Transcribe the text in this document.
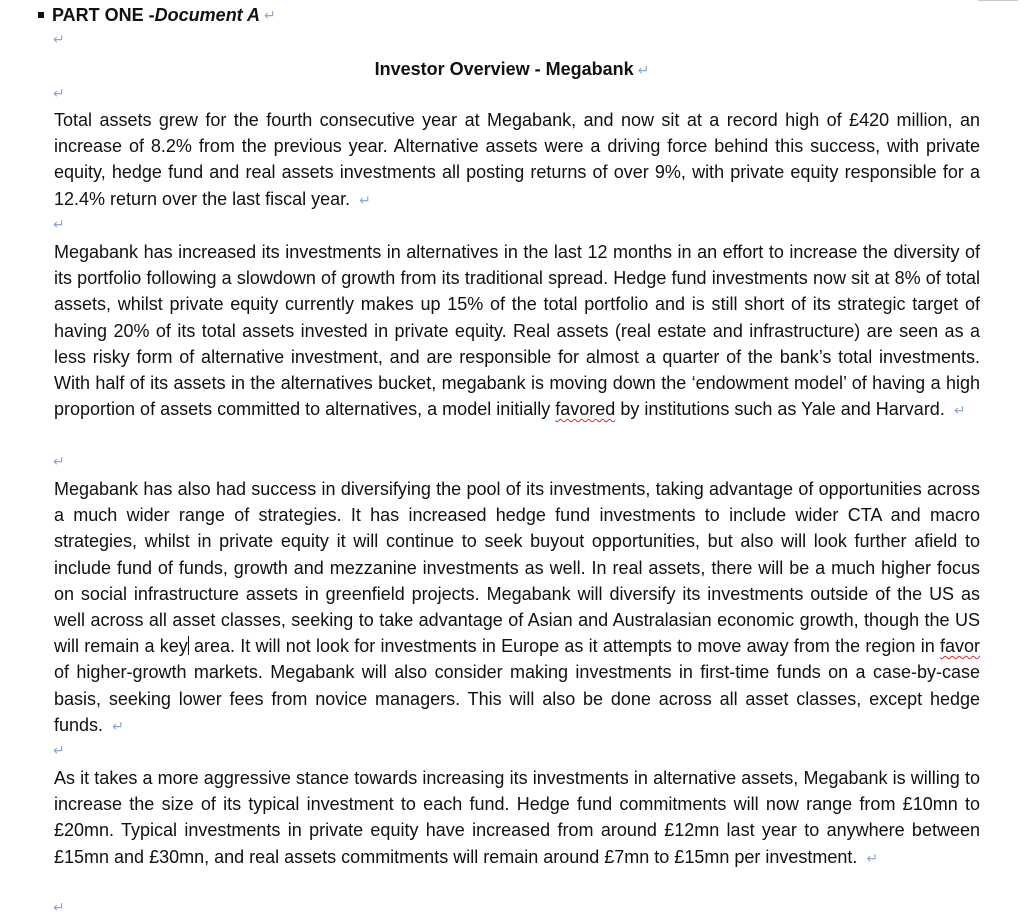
PART ONE - Document A ↵
↵
Investor Overview - Megabank ↵
↵

Total assets grew for the fourth consecutive year at Megabank, and now sit at a record high of £420 million, an increase of 8.2% from the previous year. Alternative assets were a driving force behind this success, with private equity, hedge fund and real assets investments all posting returns of over 9%, with private equity responsible for a 12.4% return over the last fiscal year. ↵

↵

Megabank has increased its investments in alternatives in the last 12 months in an effort to increase the diversity of its portfolio following a slowdown of growth from its traditional spread. Hedge fund investments now sit at 8% of total assets, whilst private equity currently makes up 15% of the total portfolio and is still short of its strategic target of having 20% of its total assets invested in private equity. Real assets (real estate and infrastructure) are seen as a less risky form of alternative investment, and are responsible for almost a quarter of the bank’s total investments. With half of its assets in the alternatives bucket, megabank is moving down the ‘endowment model’ of having a high proportion of assets committed to alternatives, a model initially favored by institutions such as Yale and Harvard. ↵

↵

Megabank has also had success in diversifying the pool of its investments, taking advantage of opportunities across a much wider range of strategies. It has increased hedge fund investments to include wider CTA and macro strategies, whilst in private equity it will continue to seek buyout opportunities, but also will look further afield to include fund of funds, growth and mezzanine investments as well. In real assets, there will be a much higher focus on social infrastructure assets in greenfield projects. Megabank will diversify its investments outside of the US as well across all asset classes, seeking to take advantage of Asian and Australasian economic growth, though the US will remain a key area. It will not look for investments in Europe as it attempts to move away from the region in favor of higher-growth markets. Megabank will also consider making investments in first-time funds on a case-by-case basis, seeking lower fees from novice managers. This will also be done across all asset classes, except hedge funds. ↵

↵

As it takes a more aggressive stance towards increasing its investments in alternative assets, Megabank is willing to increase the size of its typical investment to each fund. Hedge fund commitments will now range from £10mn to £20mn. Typical investments in private equity have increased from around £12mn last year to anywhere between £15mn and £30mn, and real assets commitments will remain around £7mn to £15mn per investment. ↵

↵
